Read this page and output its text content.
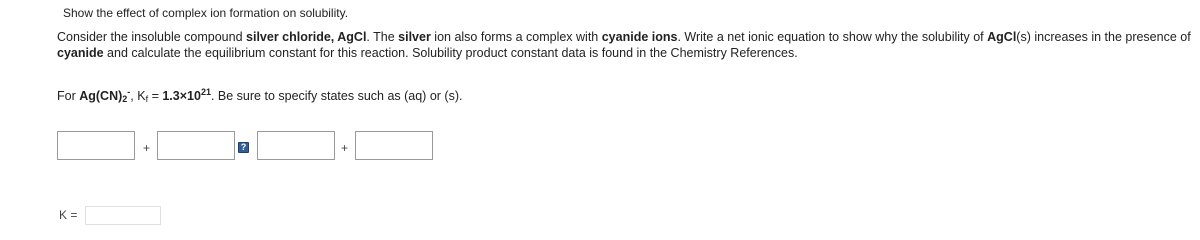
Show the effect of complex ion formation on solubility.
Consider the insoluble compound silver chloride, AgCl. The silver ion also forms a complex with cyanide ions. Write a net ionic equation to show why the solubility of AgCl(s) increases in the presence of cyanide and calculate the equilibrium constant for this reaction. Solubility product constant data is found in the Chemistry References.
For $Ag(CN)_2^-$, $K_f = 1.3\times 10^{21}$. Be sure to specify states such as (aq) or (s).
+	?	+
K =
